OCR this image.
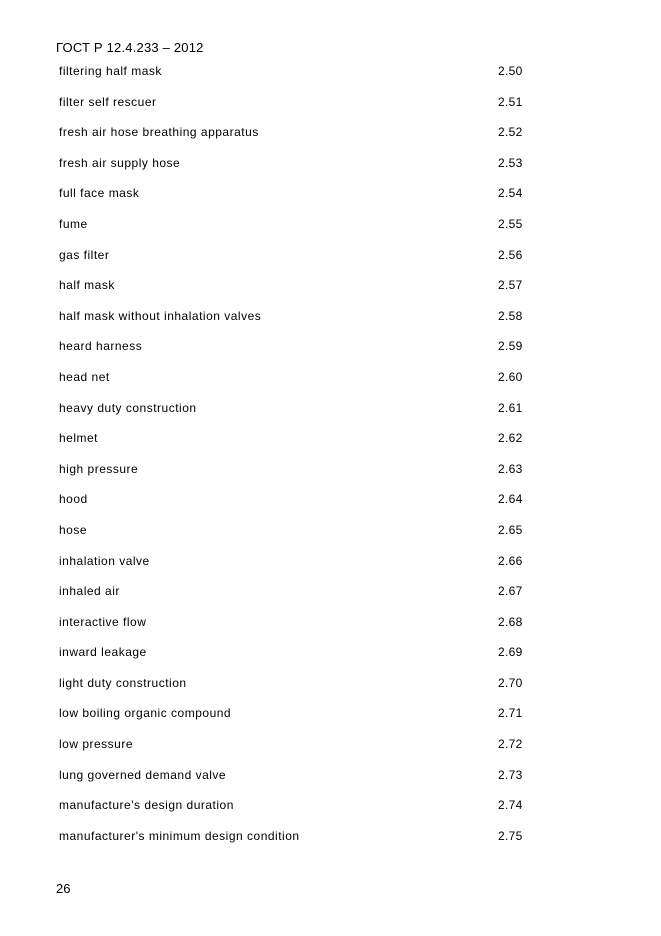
ГОСТ Р 12.4.233 – 2012
filtering half mask	2.50
filter self rescuer	2.51
fresh air hose breathing apparatus	2.52
fresh air supply hose	2.53
full face mask	2.54
fume	2.55
gas filter	2.56
half mask	2.57
half mask without inhalation valves	2.58
heard harness	2.59
head net	2.60
heavy duty construction	2.61
helmet	2.62
high pressure	2.63
hood	2.64
hose	2.65
inhalation valve	2.66
inhaled air	2.67
interactive flow	2.68
inward leakage	2.69
light duty construction	2.70
low boiling organic compound	2.71
low pressure	2.72
lung governed demand valve	2.73
manufacture's design duration	2.74
manufacturer's minimum design condition	2.75
26
